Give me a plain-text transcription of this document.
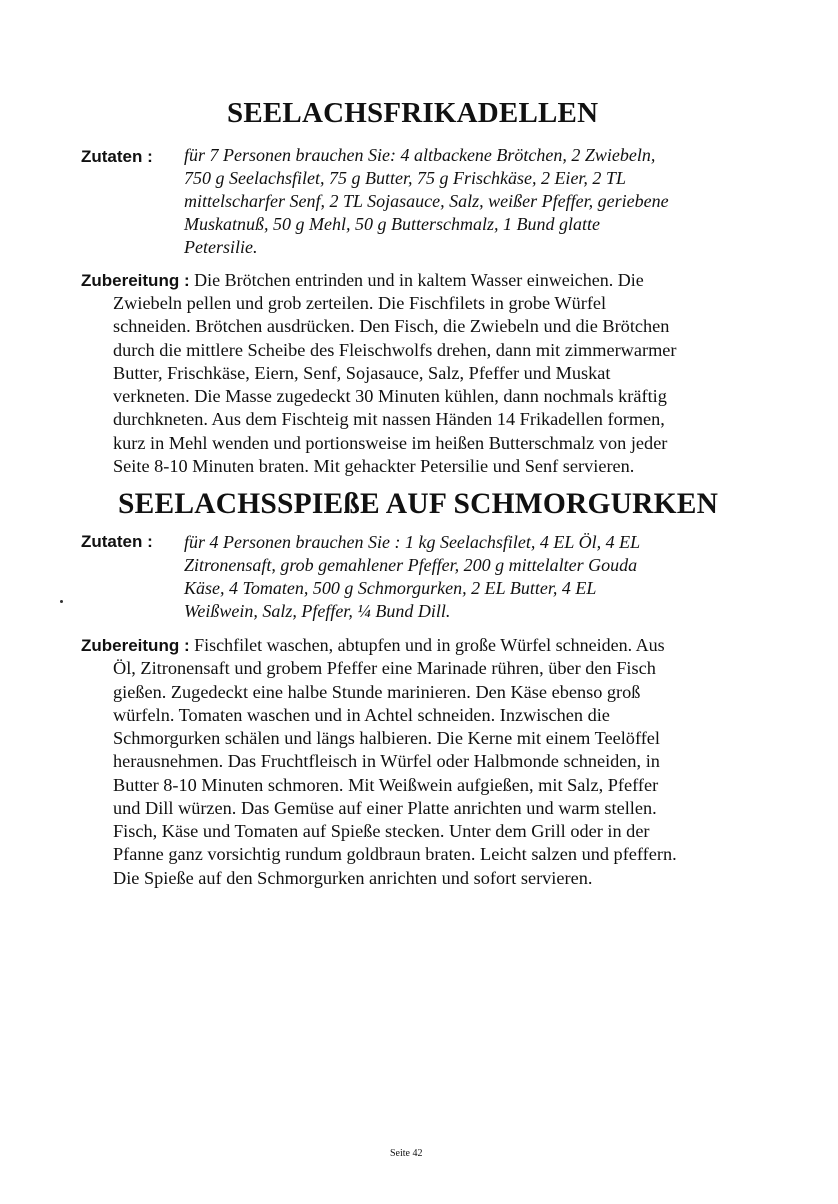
SEELACHSFRIKADELLEN
Zutaten : für 7 Personen brauchen Sie: 4 altbackene Brötchen, 2 Zwiebeln,
750 g Seelachsfilet, 75 g Butter, 75 g Frischkäse, 2 Eier, 2 TL
mittelscharfer Senf, 2 TL Sojasauce, Salz, weißer Pfeffer, geriebene
Muskatnuß, 50 g Mehl, 50 g Butterschmalz, 1 Bund glatte
Petersilie.
Zubereitung : Die Brötchen entrinden und in kaltem Wasser einweichen. Die
Zwiebeln pellen und grob zerteilen. Die Fischfilets in grobe Würfel
schneiden. Brötchen ausdrücken. Den Fisch, die Zwiebeln und die Brötchen
durch die mittlere Scheibe des Fleischwolfs drehen, dann mit zimmerwarmer
Butter, Frischkäse, Eiern, Senf, Sojasauce, Salz, Pfeffer und Muskat
verkneten. Die Masse zugedeckt 30 Minuten kühlen, dann nochmals kräftig
durchkneten. Aus dem Fischteig mit nassen Händen 14 Frikadellen formen,
kurz in Mehl wenden und portionsweise im heißen Butterschmalz von jeder
Seite 8-10 Minuten braten. Mit gehackter Petersilie und Senf servieren.
SEELACHSSPIEßE AUF SCHMORGURKEN
Zutaten : für 4 Personen brauchen Sie : 1 kg Seelachsfilet, 4 EL Öl, 4 EL
Zitronensaft, grob gemahlener Pfeffer, 200 g mittelalter Gouda
Käse, 4 Tomaten, 500 g Schmorgurken, 2 EL Butter, 4 EL
Weißwein, Salz, Pfeffer, ¼ Bund Dill.
Zubereitung : Fischfilet waschen, abtupfen und in große Würfel schneiden. Aus
Öl, Zitronensaft und grobem Pfeffer eine Marinade rühren, über den Fisch
gießen. Zugedeckt eine halbe Stunde marinieren. Den Käse ebenso groß
würfeln. Tomaten waschen und in Achtel schneiden. Inzwischen die
Schmorgurken schälen und längs halbieren. Die Kerne mit einem Teelöffel
herausnehmen. Das Fruchtfleisch in Würfel oder Halbmonde schneiden, in
Butter 8-10 Minuten schmoren. Mit Weißwein aufgießen, mit Salz, Pfeffer
und Dill würzen. Das Gemüse auf einer Platte anrichten und warm stellen.
Fisch, Käse und Tomaten auf Spieße stecken. Unter dem Grill oder in der
Pfanne ganz vorsichtig rundum goldbraun braten. Leicht salzen und pfeffern.
Die Spieße auf den Schmorgurken anrichten und sofort servieren.
Seite 42
